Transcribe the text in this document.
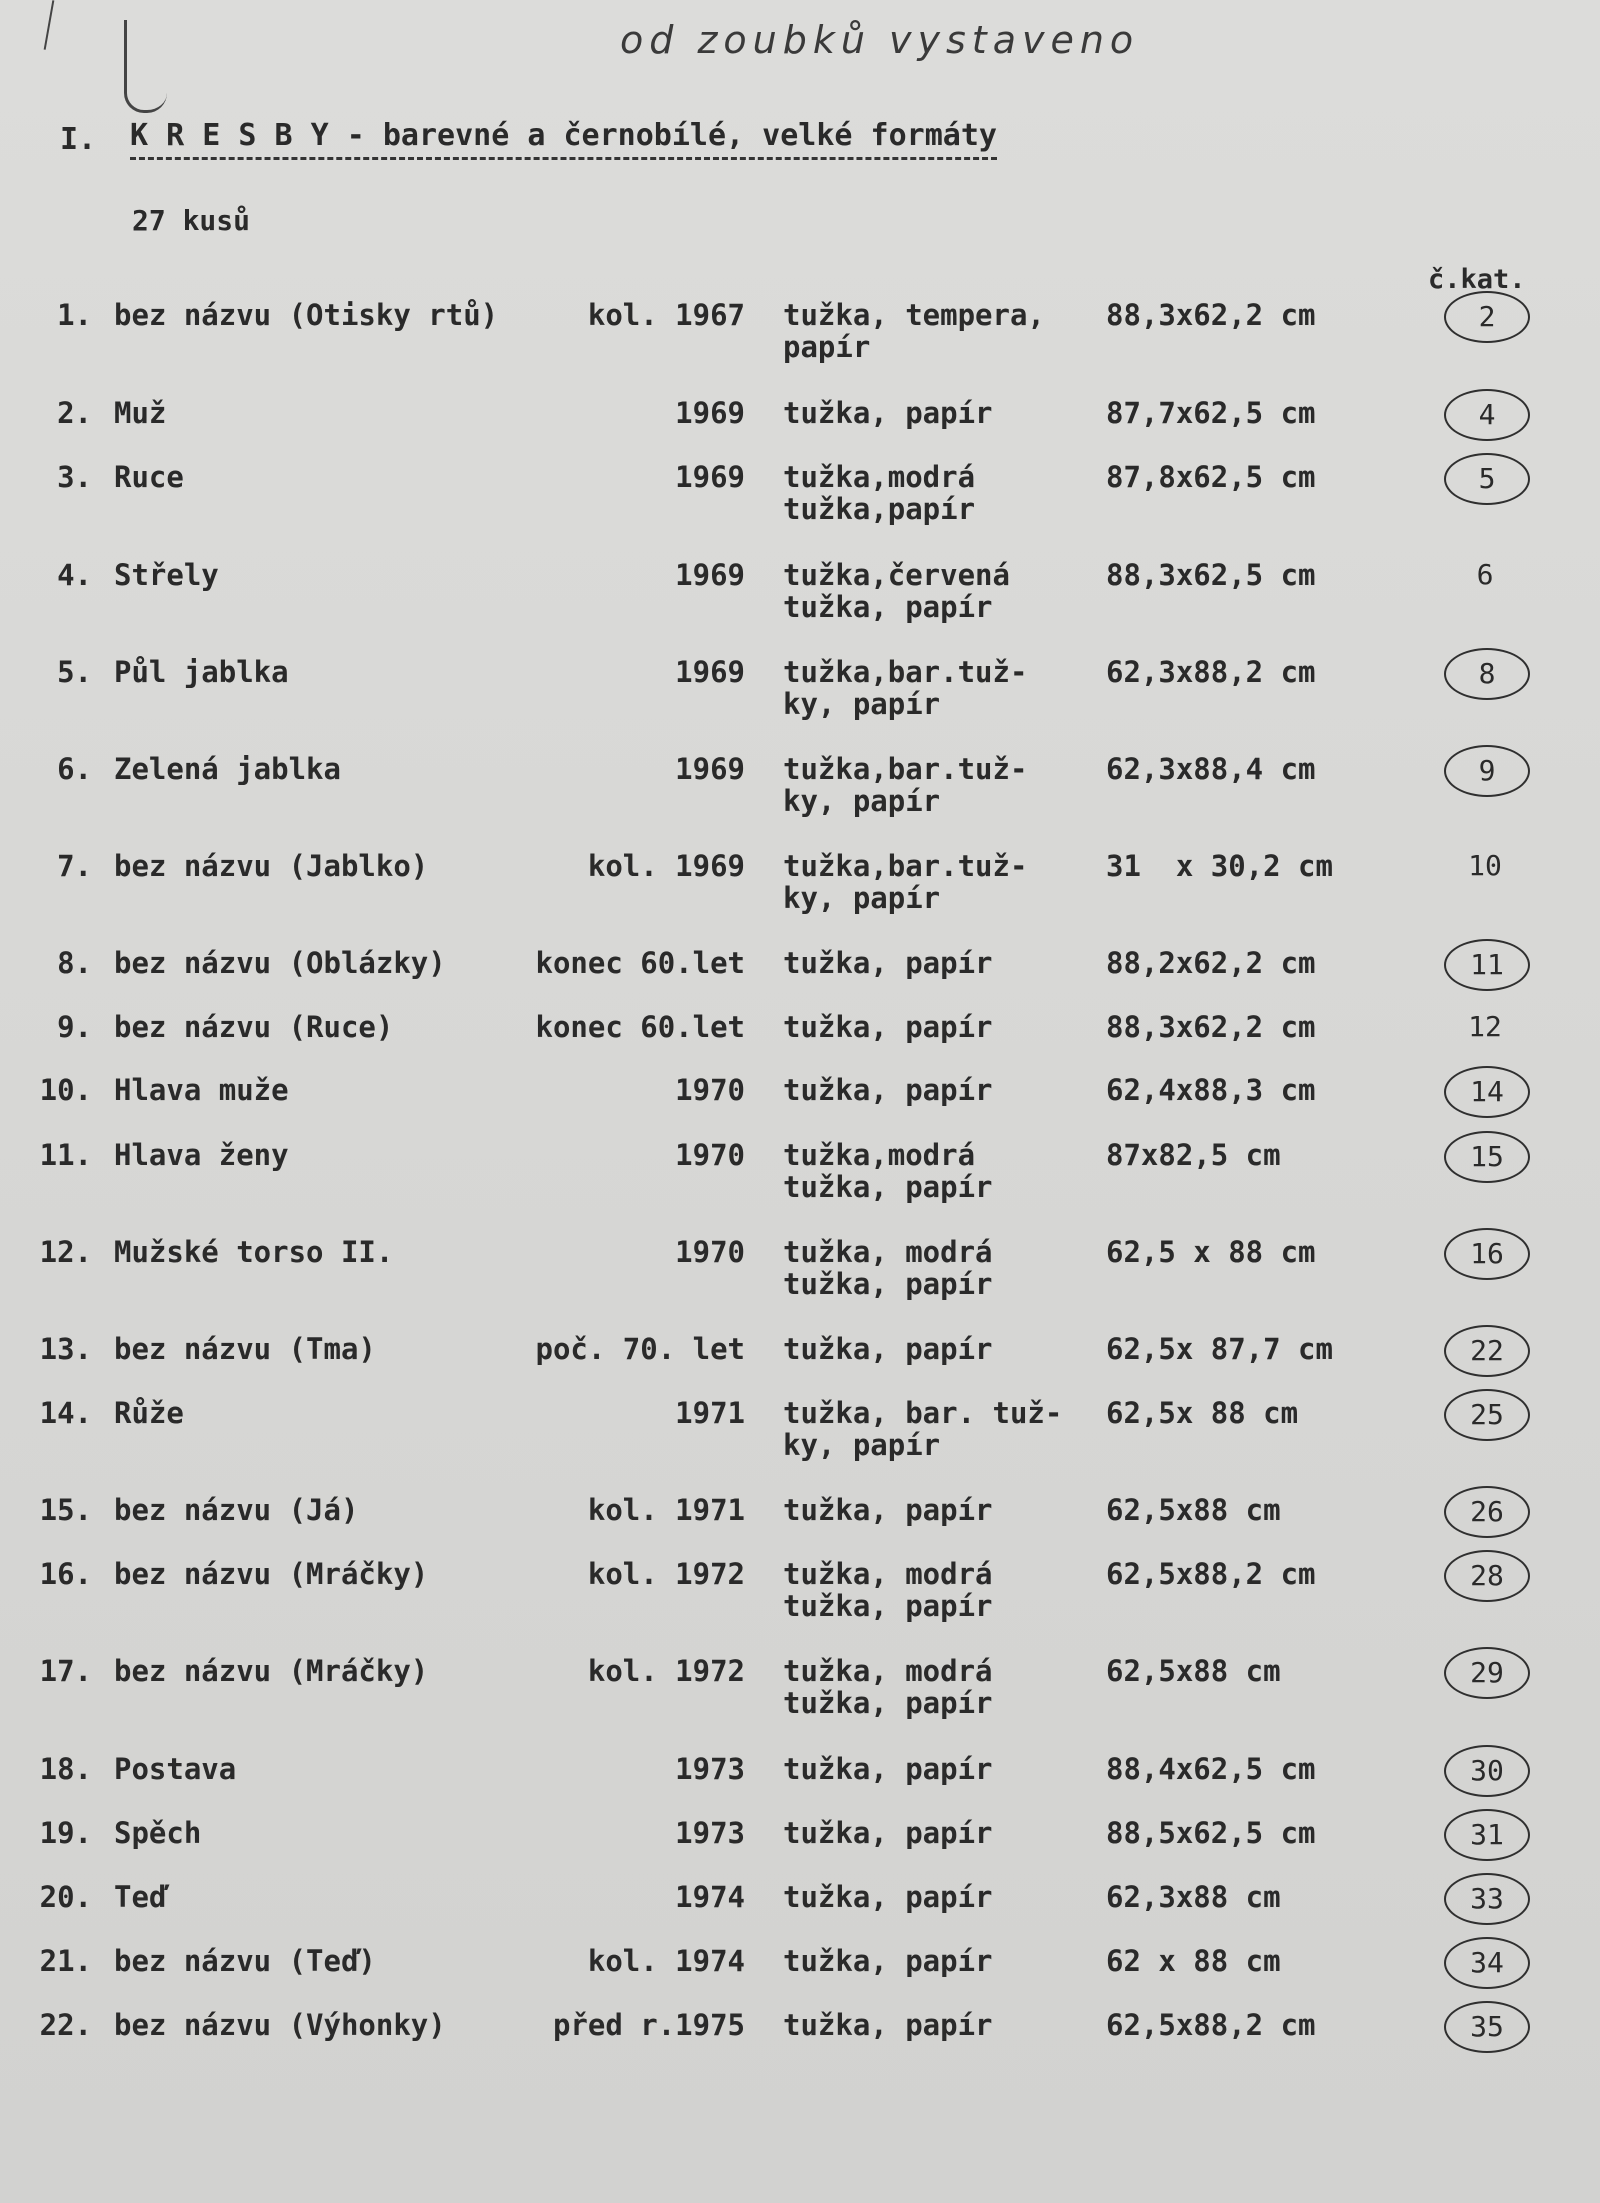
od zoubků vystaveno
I. K R E S B Y - barevné a černobílé, velké formáty
27 kusů
č.kat.
1. bez názvu (Otisky rtů)	kol. 1967 tužka, tempera,
papír
88,3x62,2 cm	2
2. Muž	1969 tužka, papír	87,7x62,5 cm	4
3. Ruce	1969 tužka,modrá
tužka,papír
87,8x62,5 cm	5
4. Střely	1969 tužka,červená
tužka, papír
88,3x62,5 cm	6
5. Půl jablka	1969 tužka,bar.tuž-
ky, papír
62,3x88,2 cm	8
6. Zelená jablka	1969 tužka,bar.tuž-
ky, papír
62,3x88,4 cm	9
7. bez názvu (Jablko)	kol. 1969 tužka,bar.tuž-
ky, papír
31  x 30,2 cm	10
8. bez názvu (Oblázky)	konec 60.let tužka, papír	88,2x62,2 cm	11
9. bez názvu (Ruce)	konec 60.let tužka, papír	88,3x62,2 cm	12
10. Hlava muže	1970 tužka, papír	62,4x88,3 cm	14
11. Hlava ženy	1970 tužka,modrá
tužka, papír
87x82,5 cm	15
12. Mužské torso II.	1970 tužka, modrá
tužka, papír
62,5 x 88 cm	16
13. bez názvu (Tma)	poč. 70. let tužka, papír	62,5x 87,7 cm	22
14. Růže	1971 tužka, bar. tuž-
ky, papír
62,5x 88 cm	25
15. bez názvu (Já)	kol. 1971 tužka, papír	62,5x88 cm	26
16. bez názvu (Mráčky)	kol. 1972 tužka, modrá
tužka, papír
62,5x88,2 cm	28
17. bez názvu (Mráčky)	kol. 1972 tužka, modrá
tužka, papír
62,5x88 cm	29
18. Postava	1973 tužka, papír	88,4x62,5 cm	30
19. Spěch	1973 tužka, papír	88,5x62,5 cm	31
20. Teď	1974 tužka, papír	62,3x88 cm	33
21. bez názvu (Teď)	kol. 1974 tužka, papír	62 x 88 cm	34
22. bez názvu (Výhonky)	před r.1975 tužka, papír	62,5x88,2 cm	35
